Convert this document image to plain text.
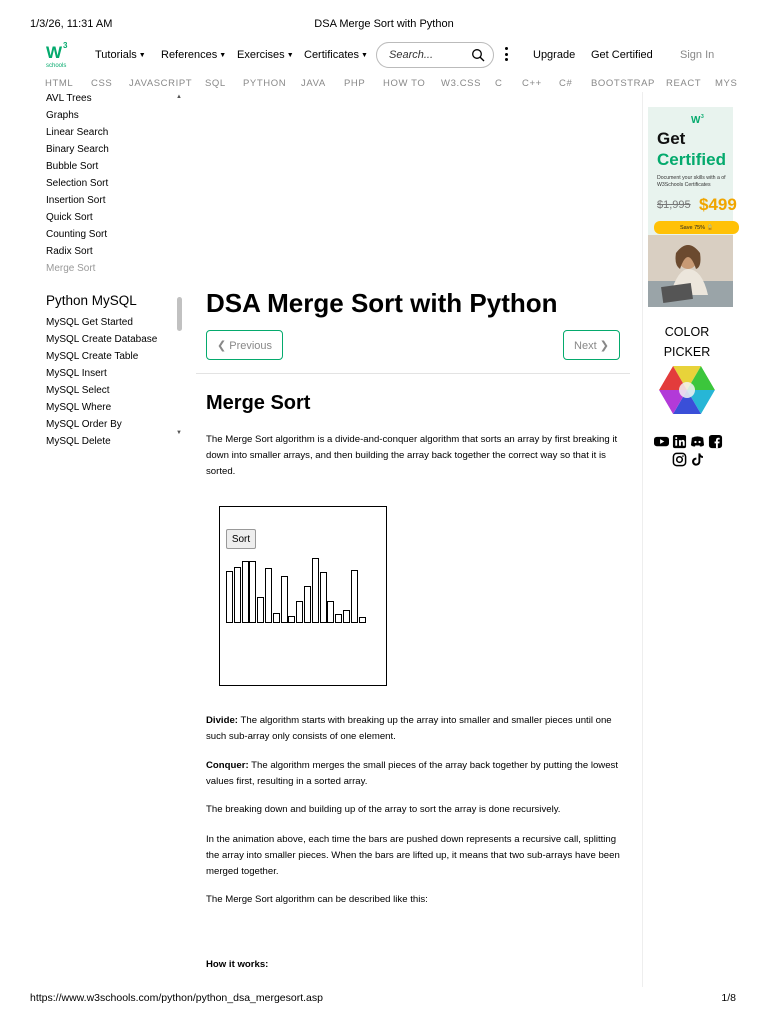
1/3/26, 11:31 AM	DSA Merge Sort with Python
W 3
schools
Tutorials ▼ References ▼ Exercises ▼ Certificates ▼ Search...	Upgrade Get Certified Sign In
HTML CSS JAVASCRIPT SQL PYTHON JAVA PHP HOW TO W3.CSS C C++ C# BOOTSTRAP REACT MYS
AVL Trees
Graphs
Linear Search
Binary Search
Bubble Sort
Selection Sort
Insertion Sort
Quick Sort
Counting Sort
Radix Sort
Merge Sort
Python MySQL
MySQL Get Started
MySQL Create Database
MySQL Create Table
MySQL Insert
MySQL Select
MySQL Where
MySQL Order By
MySQL Delete
▲
▼
DSA Merge Sort with Python
❮ Previous	Next ❯
Merge Sort

The Merge Sort algorithm is a divide-and-conquer algorithm that sorts an array by first breaking it down into smaller arrays, and then building the array back together the correct way so that it is sorted.

Sort

Divide: The algorithm starts with breaking up the array into smaller and smaller pieces until one such sub-array only consists of one element.

Conquer: The algorithm merges the small pieces of the array back together by putting the lowest values first, resulting in a sorted array.

The breaking down and building up of the array to sort the array is done recursively.

In the animation above, each time the bars are pushed down represents a recursive call, splitting the array into smaller pieces. When the bars are lifted up, it means that two sub-arrays have been merged together.

The Merge Sort algorithm can be described like this:

How it works:

W 3
Get
Certified
Document your skills with a of W3Schools Certificates
$1,995 $499
Save 75% 🔒
COLOR
PICKER
https://www.w3schools.com/python/python_dsa_mergesort.asp	1/8
